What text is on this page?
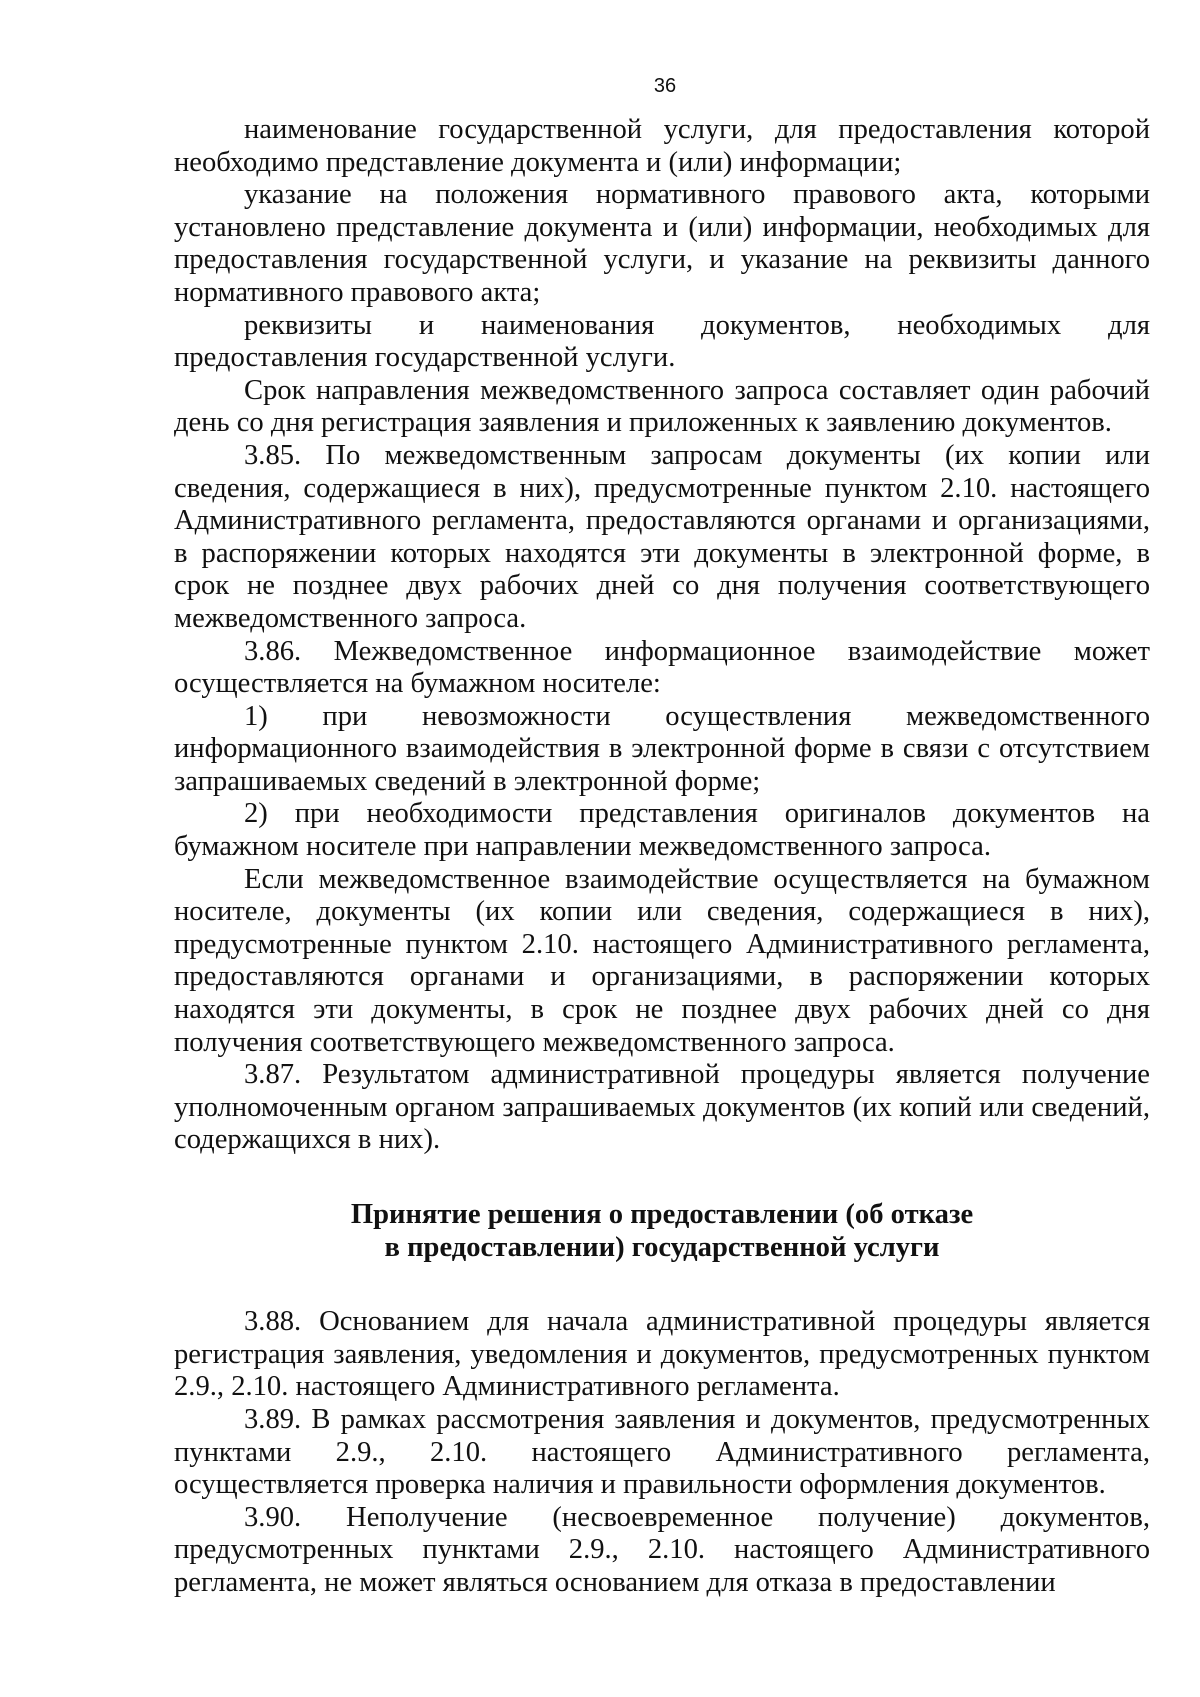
36

наименование государственной услуги, для предоставления которой необходимо представление документа и (или) информации;

указание на положения нормативного правового акта, которыми установлено представление документа и (или) информации, необходимых для предоставления государственной услуги, и указание на реквизиты данного нормативного правового акта;

реквизиты и наименования документов, необходимых для предоставления государственной услуги.

Срок направления межведомственного запроса составляет один рабочий день со дня регистрация заявления и приложенных к заявлению документов.

3.85. По межведомственным запросам документы (их копии или сведения, содержащиеся в них), предусмотренные пунктом 2.10. настоящего Административного регламента, предоставляются органами и организациями, в распоряжении которых находятся эти документы в электронной форме, в срок не позднее двух рабочих дней со дня получения соответствующего межведомственного запроса.

3.86. Межведомственное информационное взаимодействие может осуществляется на бумажном носителе:

1) при невозможности осуществления межведомственного информационного взаимодействия в электронной форме в связи с отсутствием запрашиваемых сведений в электронной форме;

2) при необходимости представления оригиналов документов на бумажном носителе при направлении межведомственного запроса.

Если межведомственное взаимодействие осуществляется на бумажном носителе, документы (их копии или сведения, содержащиеся в них), предусмотренные пунктом 2.10. настоящего Административного регламента, предоставляются органами и организациями, в распоряжении которых находятся эти документы, в срок не позднее двух рабочих дней со дня получения соответствующего межведомственного запроса.

3.87. Результатом административной процедуры является получение уполномоченным органом запрашиваемых документов (их копий или сведений, содержащихся в них).

Принятие решения о предоставлении (об отказе
в предоставлении) государственной услуги

3.88. Основанием для начала административной процедуры является регистрация заявления, уведомления и документов, предусмотренных пунктом 2.9., 2.10. настоящего Административного регламента.

3.89. В рамках рассмотрения заявления и документов, предусмотренных пунктами 2.9., 2.10. настоящего Административного регламента, осуществляется проверка наличия и правильности оформления документов.

3.90. Неполучение (несвоевременное получение) документов, предусмотренных пунктами 2.9., 2.10. настоящего Административного регламента, не может являться основанием для отказа в предоставлении
